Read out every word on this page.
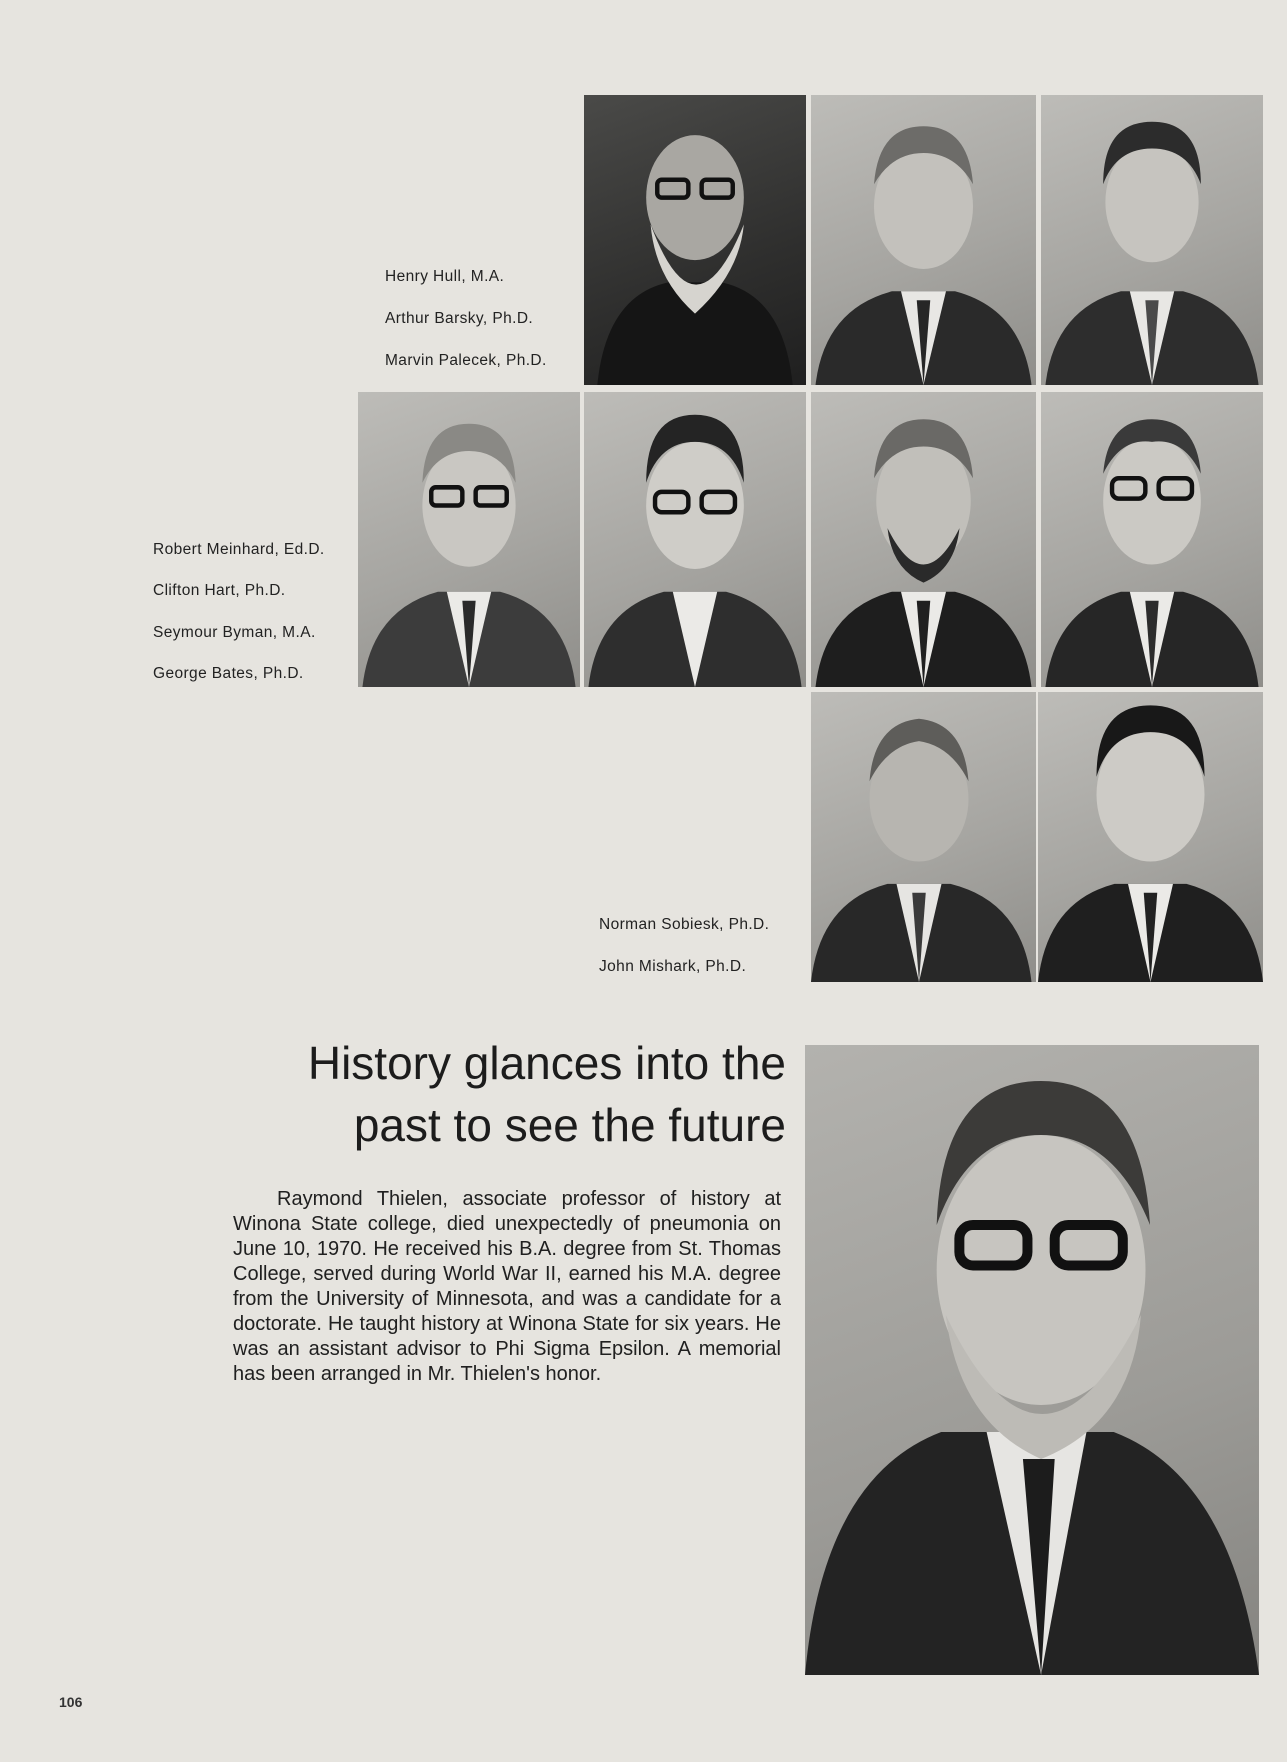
Henry Hull, M.A.
Arthur Barsky, Ph.D.
Marvin Palecek, Ph.D.
Robert Meinhard, Ed.D.
Clifton Hart, Ph.D.
Seymour Byman, M.A.
George Bates, Ph.D.
Norman Sobiesk, Ph.D.
John Mishark, Ph.D.
History glances into the
past to see the future

Raymond Thielen, associate professor of history at Winona State college, died unexpectedly of pneumonia on June 10, 1970. He received his B.A. degree from St. Thomas College, served during World War II, earned his M.A. degree from the University of Minnesota, and was a candidate for a doctorate. He taught history at Winona State for six years. He was an assistant advisor to Phi Sigma Epsilon. A memorial has been arranged in Mr. Thielen's honor.

106
